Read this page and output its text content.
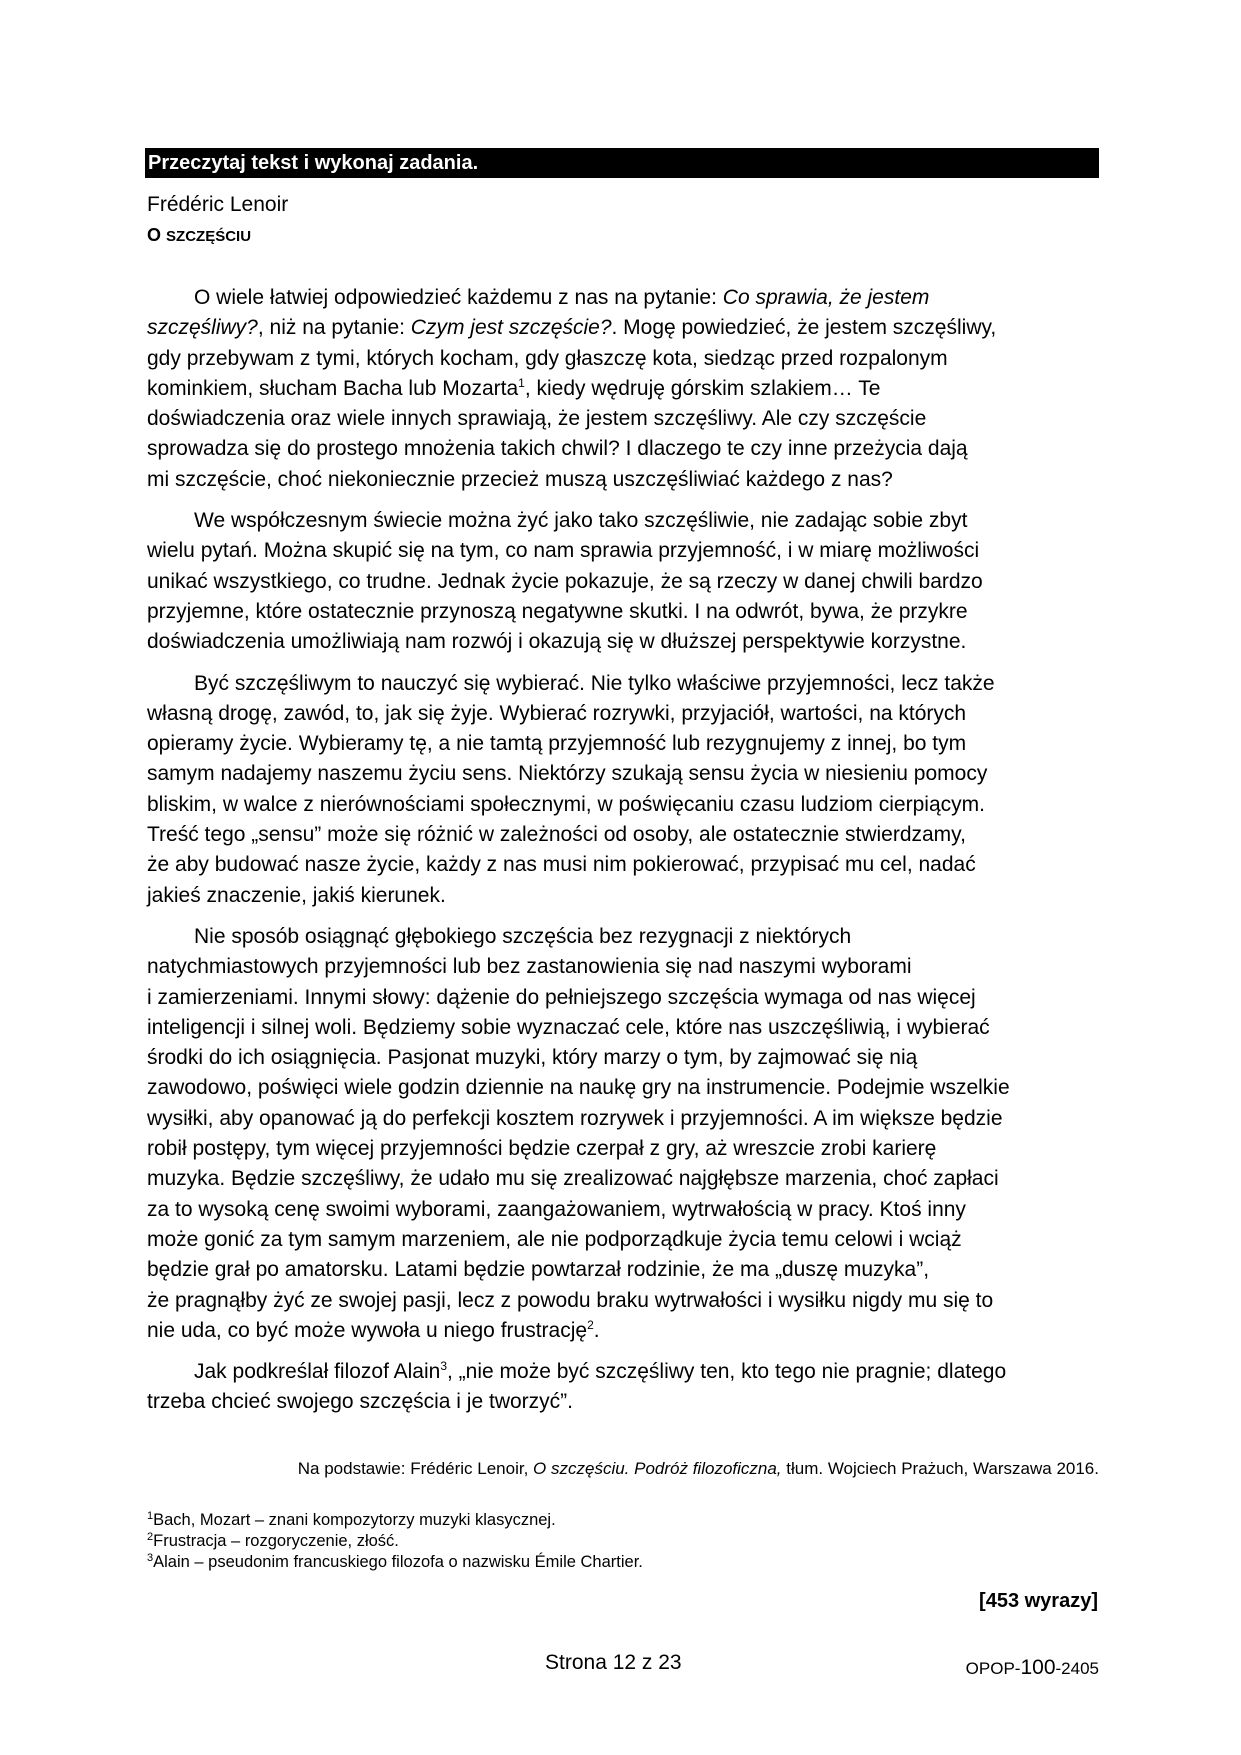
Przeczytaj tekst i wykonaj zadania.
Frédéric Lenoir
O SZCZĘŚCIU
O wiele łatwiej odpowiedzieć każdemu z nas na pytanie: Co sprawia, że jestem
szczęśliwy?, niż na pytanie: Czym jest szczęście?. Mogę powiedzieć, że jestem szczęśliwy,
gdy przebywam z tymi, których kocham, gdy głaszczę kota, siedząc przed rozpalonym
kominkiem, słucham Bacha lub Mozarta$^1$, kiedy wędruję górskim szlakiem… Te
doświadczenia oraz wiele innych sprawiają, że jestem szczęśliwy. Ale czy szczęście
sprowadza się do prostego mnożenia takich chwil? I dlaczego te czy inne przeżycia dają
mi szczęście, choć niekoniecznie przecież muszą uszczęśliwiać każdego z nas?
We współczesnym świecie można żyć jako tako szczęśliwie, nie zadając sobie zbyt
wielu pytań. Można skupić się na tym, co nam sprawia przyjemność, i w miarę możliwości
unikać wszystkiego, co trudne. Jednak życie pokazuje, że są rzeczy w danej chwili bardzo
przyjemne, które ostatecznie przynoszą negatywne skutki. I na odwrót, bywa, że przykre
doświadczenia umożliwiają nam rozwój i okazują się w dłuższej perspektywie korzystne.
Być szczęśliwym to nauczyć się wybierać. Nie tylko właściwe przyjemności, lecz także
własną drogę, zawód, to, jak się żyje. Wybierać rozrywki, przyjaciół, wartości, na których
opieramy życie. Wybieramy tę, a nie tamtą przyjemność lub rezygnujemy z innej, bo tym
samym nadajemy naszemu życiu sens. Niektórzy szukają sensu życia w niesieniu pomocy
bliskim, w walce z nierównościami społecznymi, w poświęcaniu czasu ludziom cierpiącym.
Treść tego „sensu” może się różnić w zależności od osoby, ale ostatecznie stwierdzamy,
że aby budować nasze życie, każdy z nas musi nim pokierować, przypisać mu cel, nadać
jakieś znaczenie, jakiś kierunek.
Nie sposób osiągnąć głębokiego szczęścia bez rezygnacji z niektórych
natychmiastowych przyjemności lub bez zastanowienia się nad naszymi wyborami
i zamierzeniami. Innymi słowy: dążenie do pełniejszego szczęścia wymaga od nas więcej
inteligencji i silnej woli. Będziemy sobie wyznaczać cele, które nas uszczęśliwią, i wybierać
środki do ich osiągnięcia. Pasjonat muzyki, który marzy o tym, by zajmować się nią
zawodowo, poświęci wiele godzin dziennie na naukę gry na instrumencie. Podejmie wszelkie
wysiłki, aby opanować ją do perfekcji kosztem rozrywek i przyjemności. A im większe będzie
robił postępy, tym więcej przyjemności będzie czerpał z gry, aż wreszcie zrobi karierę
muzyka. Będzie szczęśliwy, że udało mu się zrealizować najgłębsze marzenia, choć zapłaci
za to wysoką cenę swoimi wyborami, zaangażowaniem, wytrwałością w pracy. Ktoś inny
może gonić za tym samym marzeniem, ale nie podporządkuje życia temu celowi i wciąż
będzie grał po amatorsku. Latami będzie powtarzał rodzinie, że ma „duszę muzyka”,
że pragnąłby żyć ze swojej pasji, lecz z powodu braku wytrwałości i wysiłku nigdy mu się to
nie uda, co być może wywoła u niego frustrację$^2$.
Jak podkreślał filozof Alain$^3$, „nie może być szczęśliwy ten, kto tego nie pragnie; dlatego
trzeba chcieć swojego szczęścia i je tworzyć”.
Na podstawie: Frédéric Lenoir, O szczęściu. Podróż filozoficzna, tłum. Wojciech Prażuch, Warszawa 2016.
$^1$Bach, Mozart – znani kompozytorzy muzyki klasycznej.
$^2$Frustracja – rozgoryczenie, złość.
$^3$Alain – pseudonim francuskiego filozofa o nazwisku Émile Chartier.
[453 wyrazy]
Strona 12 z 23	OPOP-100-2405
